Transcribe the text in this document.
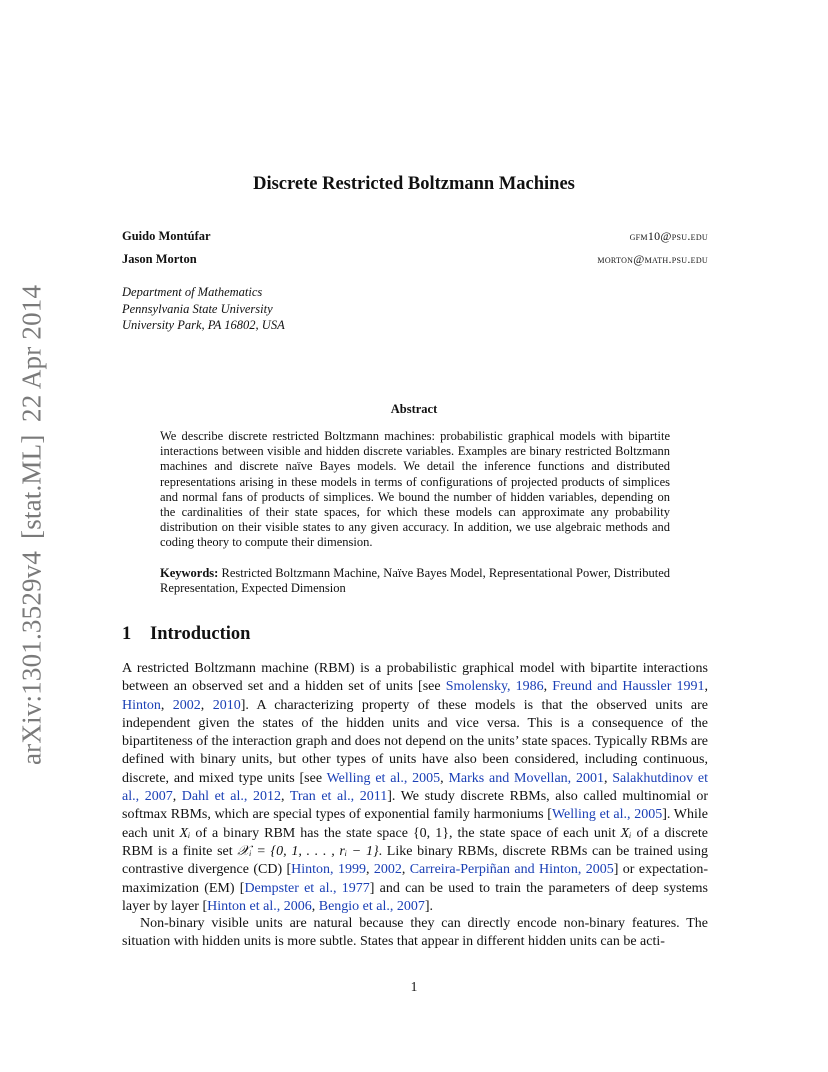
arXiv:1301.3529v4
[stat.ML]
22 Apr 2014
Discrete Restricted Boltzmann Machines
Guido Montúfar	gfm10@psu.edu
Jason Morton	morton@math.psu.edu
Department of Mathematics
Pennsylvania State University
University Park, PA 16802, USA
Abstract
We describe discrete restricted Boltzmann machines: probabilistic graphical models with bipartite interactions between visible and hidden discrete variables. Examples are binary restricted Boltzmann machines and discrete naïve Bayes models. We detail the inference functions and distributed representations arising in these models in terms of configurations of projected products of simplices and normal fans of products of simplices. We bound the number of hidden variables, depending on the cardinalities of their state spaces, for which these models can approximate any probability distribution on their visible states to any given accuracy. In addition, we use algebraic methods and coding theory to compute their dimension.
Keywords: Restricted Boltzmann Machine, Naïve Bayes Model, Representational Power, Distributed Representation, Expected Dimension
1 Introduction
A restricted Boltzmann machine (RBM) is a probabilistic graphical model with bipartite interactions between an observed set and a hidden set of units [see Smolensky, 1986, Freund and Haussler 1991, Hinton, 2002, 2010]. A characterizing property of these models is that the observed units are independent given the states of the hidden units and vice versa. This is a consequence of the bipartiteness of the interaction graph and does not depend on the units’ state spaces. Typically RBMs are defined with binary units, but other types of units have also been considered, including continuous, discrete, and mixed type units [see Welling et al., 2005, Marks and Movellan, 2001, Salakhutdinov et al., 2007, Dahl et al., 2012, Tran et al., 2011]. We study discrete RBMs, also called multinomial or softmax RBMs, which are special types of exponential family harmoniums [Welling et al., 2005]. While each unit Xᵢ of a binary RBM has the state space {0, 1}, the state space of each unit Xᵢ of a discrete RBM is a finite set 𝒳ᵢ = {0, 1, . . . , rᵢ − 1}. Like binary RBMs, discrete RBMs can be trained using contrastive divergence (CD) [Hinton, 1999, 2002, Carreira-Perpiñan and Hinton, 2005] or expectation-maximization (EM) [Dempster et al., 1977] and can be used to train the parameters of deep systems layer by layer [Hinton et al., 2006, Bengio et al., 2007].
Non-binary visible units are natural because they can directly encode non-binary features. The situation with hidden units is more subtle. States that appear in different hidden units can be acti-
1
